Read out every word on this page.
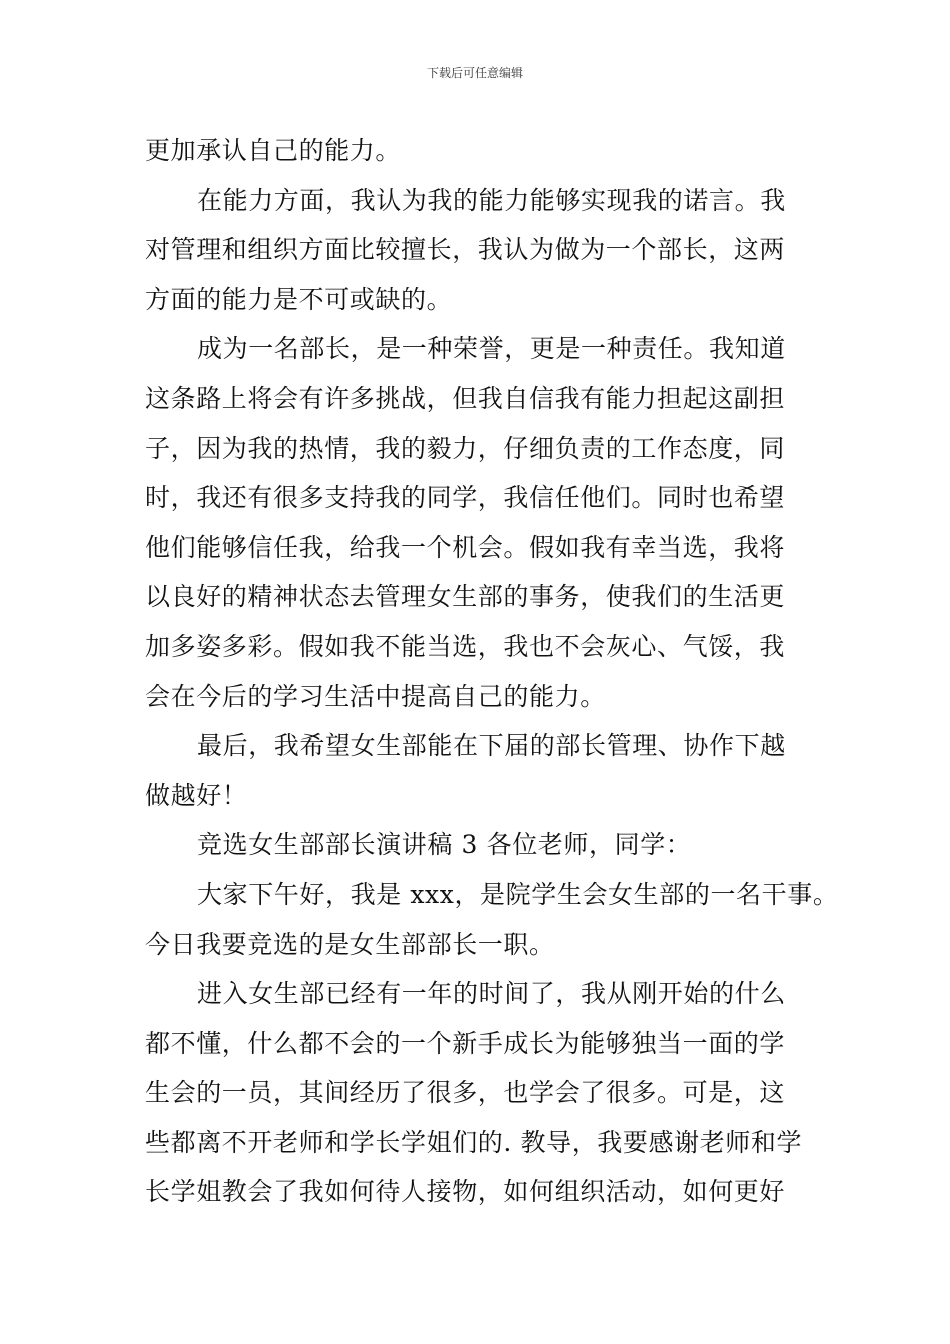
下载后可任意编辑
更加承认自己的能力。
在能力方面，我认为我的能力能够实现我的诺言。我
对管理和组织方面比较擅长，我认为做为一个部长，这两
方面的能力是不可或缺的。
成为一名部长，是一种荣誉，更是一种责任。我知道
这条路上将会有许多挑战，但我自信我有能力担起这副担
子，因为我的热情，我的毅力，仔细负责的工作态度，同
时，我还有很多支持我的同学，我信任他们。同时也希望
他们能够信任我，给我一个机会。假如我有幸当选，我将
以良好的精神状态去管理女生部的事务，使我们的生活更
加多姿多彩。假如我不能当选，我也不会灰心、气馁，我
会在今后的学习生活中提高自己的能力。
最后，我希望女生部能在下届的部长管理、协作下越
做越好！
竞选女生部部长演讲稿 3 各位老师，同学：
大家下午好，我是 xxx，是院学生会女生部的一名干事。
今日我要竞选的是女生部部长一职。
进入女生部已经有一年的时间了，我从刚开始的什么
都不懂，什么都不会的一个新手成长为能够独当一面的学
生会的一员，其间经历了很多，也学会了很多。可是，这
些都离不开老师和学长学姐们的. 教导，我要感谢老师和学
长学姐教会了我如何待人接物，如何组织活动，如何更好
